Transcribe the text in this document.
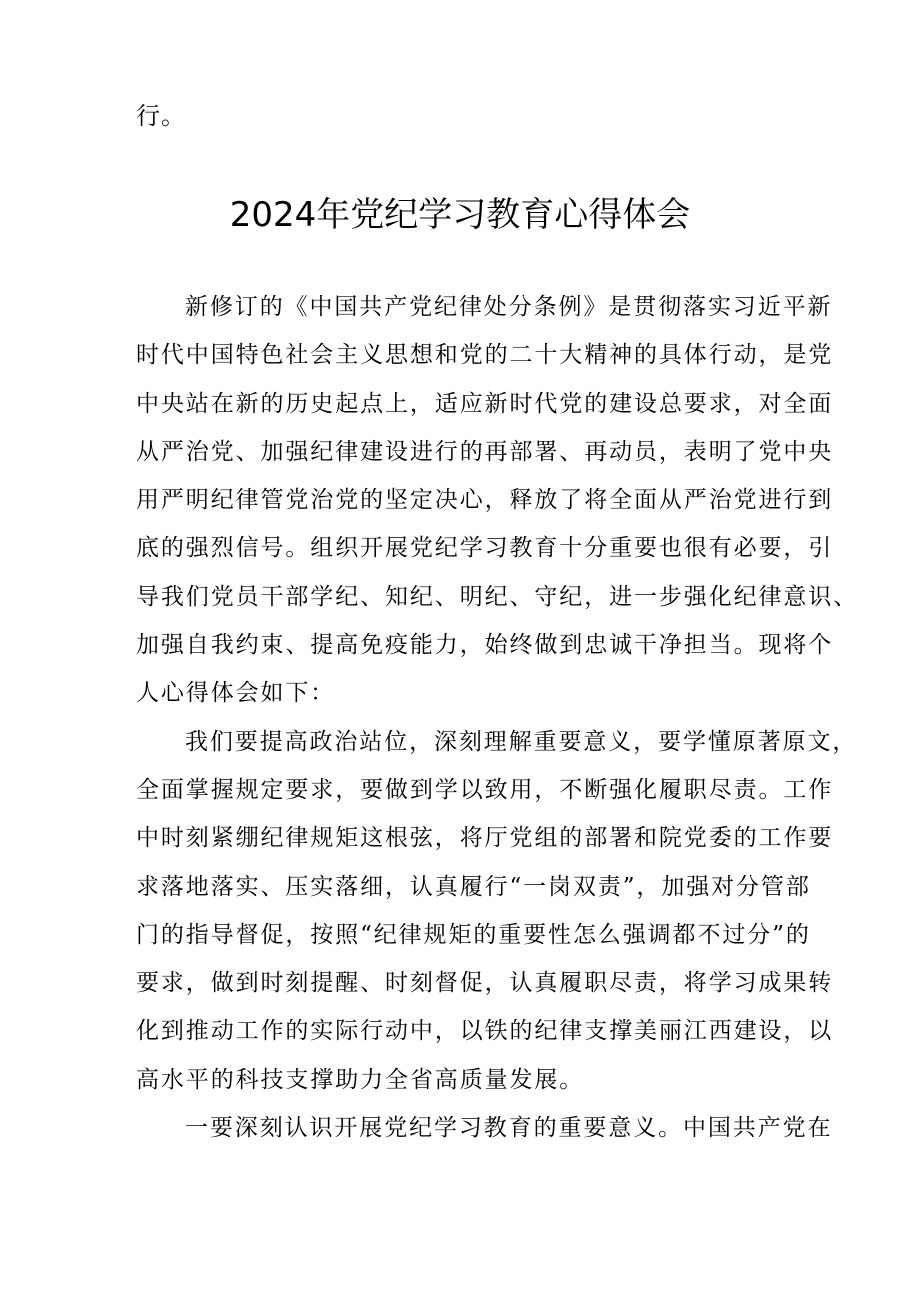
行。
2024年党纪学习教育心得体会
新修订的《中国共产党纪律处分条例》是贯彻落实习近平新
时代中国特色社会主义思想和党的二十大精神的具体行动，是党
中央站在新的历史起点上，适应新时代党的建设总要求，对全面
从严治党、加强纪律建设进行的再部署、再动员，表明了党中央
用严明纪律管党治党的坚定决心，释放了将全面从严治党进行到
底的强烈信号。组织开展党纪学习教育十分重要也很有必要，引
导我们党员干部学纪、知纪、明纪、守纪，进一步强化纪律意识、
加强自我约束、提高免疫能力，始终做到忠诚干净担当。现将个
人心得体会如下：
我们要提高政治站位，深刻理解重要意义，要学懂原著原文，
全面掌握规定要求，要做到学以致用，不断强化履职尽责。工作
中时刻紧绷纪律规矩这根弦，将厅党组的部署和院党委的工作要
求落地落实、压实落细，认真履行“一岗双责”，加强对分管部
门的指导督促，按照“纪律规矩的重要性怎么强调都不过分”的
要求，做到时刻提醒、时刻督促，认真履职尽责，将学习成果转
化到推动工作的实际行动中，以铁的纪律支撑美丽江西建设，以
高水平的科技支撑助力全省高质量发展。
一要深刻认识开展党纪学习教育的重要意义。中国共产党在
